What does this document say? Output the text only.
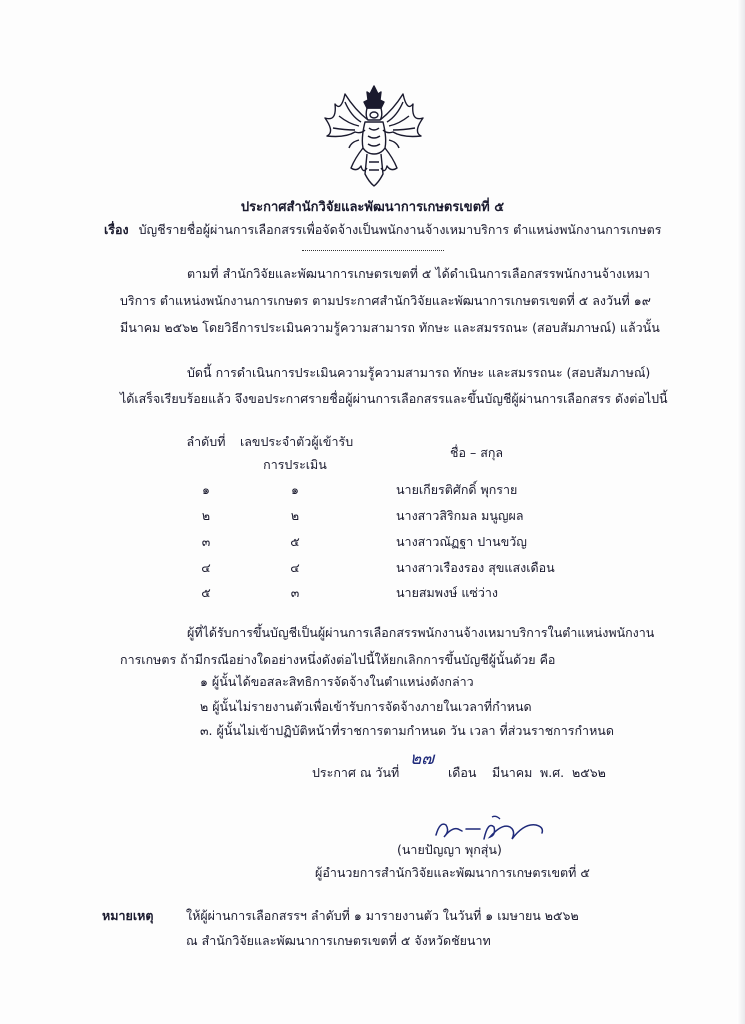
ประกาศสำนักวิจัยและพัฒนาการเกษตรเขตที่ ๕
เรื่อง บัญชีรายชื่อผู้ผ่านการเลือกสรรเพื่อจัดจ้างเป็นพนักงานจ้างเหมาบริการ ตำแหน่งพนักงานการเกษตร
ตามที่ สำนักวิจัยและพัฒนาการเกษตรเขตที่ ๕ ได้ดำเนินการเลือกสรรพนักงานจ้างเหมา
บริการ ตำแหน่งพนักงานการเกษตร ตามประกาศสำนักวิจัยและพัฒนาการเกษตรเขตที่ ๕ ลงวันที่ ๑๙
มีนาคม ๒๕๖๒ โดยวิธีการประเมินความรู้ความสามารถ ทักษะ และสมรรถนะ (สอบสัมภาษณ์) แล้วนั้น
บัดนี้ การดำเนินการประเมินความรู้ความสามารถ ทักษะ และสมรรถนะ (สอบสัมภาษณ์)
ได้เสร็จเรียบร้อยแล้ว จึงขอประกาศรายชื่อผู้ผ่านการเลือกสรรและขึ้นบัญชีผู้ผ่านการเลือกสรร ดังต่อไปนี้
ลำดับที่	เลขประจำตัวผู้เข้ารับ
การประเมิน
ชื่อ – สกุล
๑	๑	นายเกียรติศักดิ์ พุกราย
๒	๒	นางสาวสิริกมล มนูญผล
๓	๕	นางสาวณัฏฐา ปานขวัญ
๔	๔	นางสาวเรืองรอง สุขแสงเดือน
๕	๓	นายสมพงษ์ แซ่ว่าง
ผู้ที่ได้รับการขึ้นบัญชีเป็นผู้ผ่านการเลือกสรรพนักงานจ้างเหมาบริการในตำแหน่งพนักงาน
การเกษตร ถ้ามีกรณีอย่างใดอย่างหนึ่งดังต่อไปนี้ให้ยกเลิกการขึ้นบัญชีผู้นั้นด้วย คือ
๑ ผู้นั้นได้ขอสละสิทธิการจัดจ้างในตำแหน่งดังกล่าว
๒ ผู้นั้นไม่รายงานตัวเพื่อเข้ารับการจัดจ้างภายในเวลาที่กำหนด
๓. ผู้นั้นไม่เข้าปฏิบัติหน้าที่ราชการตามกำหนด วัน เวลา ที่ส่วนราชการกำหนด
ประกาศ ณ วันที่
๒๗
เดือน มีนาคม พ.ศ. ๒๕๖๒
(นายปัญญา พุกสุ่น)
ผู้อำนวยการสำนักวิจัยและพัฒนาการเกษตรเขตที่ ๕
หมายเหตุ	ให้ผู้ผ่านการเลือกสรรฯ ลำดับที่ ๑ มารายงานตัว ในวันที่ ๑ เมษายน ๒๕๖๒
ณ สำนักวิจัยและพัฒนาการเกษตรเขตที่ ๕ จังหวัดชัยนาท
